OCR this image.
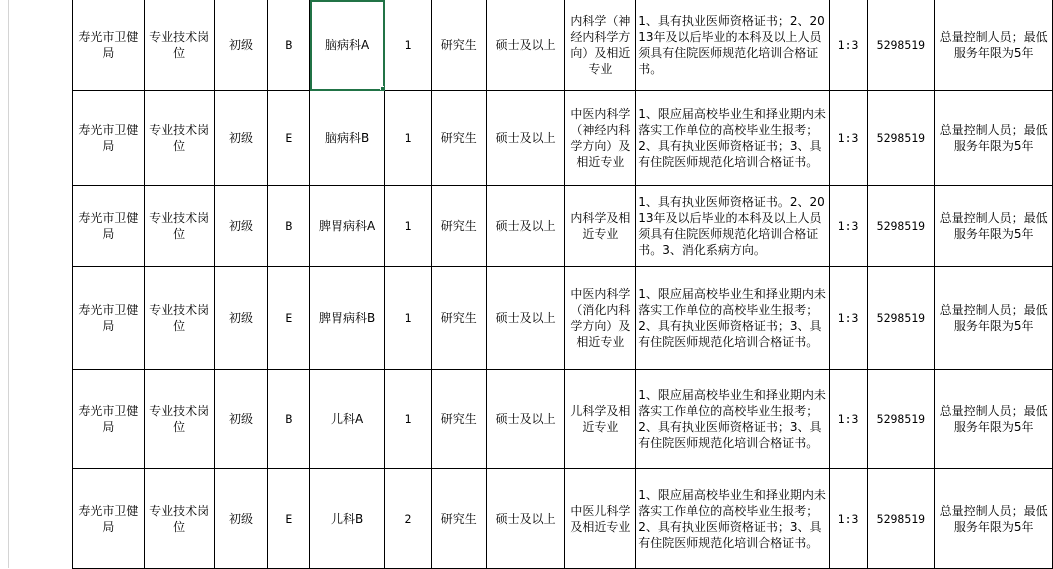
寿光市卫健局	专业技术岗位	初级	B	脑病科A	1	研究生	硕士及以上	内科学（神经内科学方向）及相近专业	1、具有执业医师资格证书；2、2013年及以后毕业的本科及以上人员须具有住院医师规范化培训合格证书。	1:3	5298519	总量控制人员；最低服务年限为5年
寿光市卫健局	专业技术岗位	初级	E	脑病科B	1	研究生	硕士及以上	中医内科学（神经内科学方向）及相近专业	1、限应届高校毕业生和择业期内未落实工作单位的高校毕业生报考；2、具有执业医师资格证书；3、具有住院医师规范化培训合格证书。	1:3	5298519	总量控制人员；最低服务年限为5年
寿光市卫健局	专业技术岗位	初级	B	脾胃病科A	1	研究生	硕士及以上	内科学及相近专业	1、具有执业医师资格证书。2、2013年及以后毕业的本科及以上人员须具有住院医师规范化培训合格证书。3、消化系病方向。	1:3	5298519	总量控制人员；最低服务年限为5年
寿光市卫健局	专业技术岗位	初级	E	脾胃病科B	1	研究生	硕士及以上	中医内科学（消化内科学方向）及相近专业	1、限应届高校毕业生和择业期内未落实工作单位的高校毕业生报考；2、具有执业医师资格证书；3、具有住院医师规范化培训合格证书。	1:3	5298519	总量控制人员；最低服务年限为5年
寿光市卫健局	专业技术岗位	初级	B	儿科A	1	研究生	硕士及以上	儿科学及相近专业	1、限应届高校毕业生和择业期内未落实工作单位的高校毕业生报考；2、具有执业医师资格证书；3、具有住院医师规范化培训合格证书。	1:3	5298519	总量控制人员；最低服务年限为5年
寿光市卫健局	专业技术岗位	初级	E	儿科B	2	研究生	硕士及以上	中医儿科学及相近专业	1、限应届高校毕业生和择业期内未落实工作单位的高校毕业生报考；2、具有执业医师资格证书；3、具有住院医师规范化培训合格证书。	1:3	5298519	总量控制人员；最低服务年限为5年
